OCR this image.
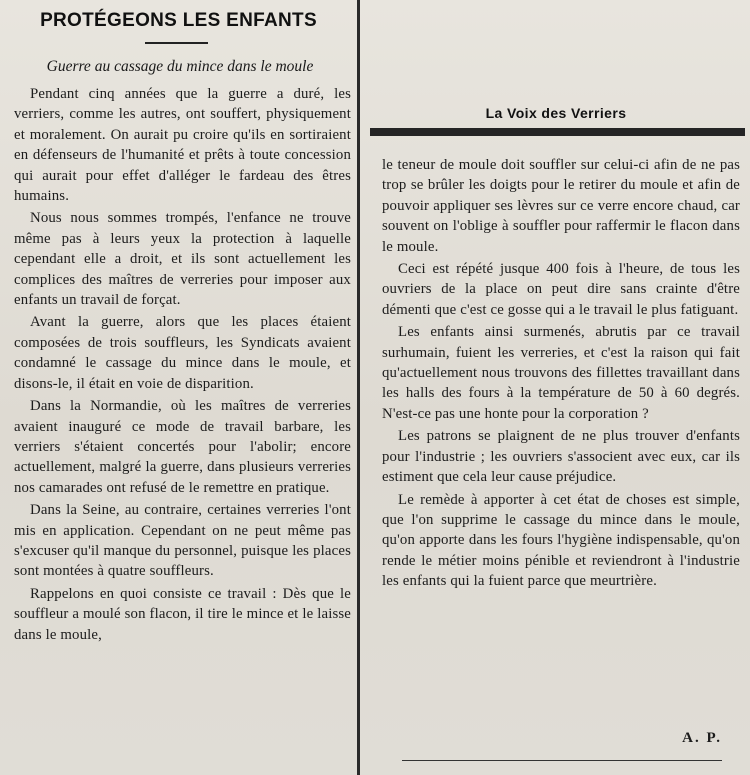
PROTÉGEONS LES ENFANTS
Guerre au cassage du mince dans le moule

Pendant cinq années que la guerre a duré, les verriers, comme les autres, ont souffert, physiquement et moralement. On aurait pu croire qu'ils en sortiraient en défenseurs de l'humanité et prêts à toute concession qui aurait pour effet d'alléger le fardeau des êtres humains.

Nous nous sommes trompés, l'enfance ne trouve même pas à leurs yeux la protection à laquelle cependant elle a droit, et ils sont actuellement les complices des maîtres de verreries pour imposer aux enfants un travail de forçat.

Avant la guerre, alors que les places étaient composées de trois souffleurs, les Syndicats avaient condamné le cassage du mince dans le moule, et disons-le, il était en voie de disparition.

Dans la Normandie, où les maîtres de verreries avaient inauguré ce mode de travail barbare, les verriers s'étaient concertés pour l'abolir; encore actuellement, malgré la guerre, dans plusieurs verreries nos camarades ont refusé de le remettre en pratique.

Dans la Seine, au contraire, certaines verreries l'ont mis en application. Cependant on ne peut même pas s'excuser qu'il manque du personnel, puisque les places sont montées à quatre souffleurs.

Rappelons en quoi consiste ce travail : Dès que le souffleur a moulé son flacon, il tire le mince et le laisse dans le moule,

La Voix des Verriers

le teneur de moule doit souffler sur celui-ci afin de ne pas trop se brûler les doigts pour le retirer du moule et afin de pouvoir appliquer ses lèvres sur ce verre encore chaud, car souvent on l'oblige à souffler pour raffermir le flacon dans le moule.

Ceci est répété jusque 400 fois à l'heure, de tous les ouvriers de la place on peut dire sans crainte d'être démenti que c'est ce gosse qui a le travail le plus fatiguant.

Les enfants ainsi surmenés, abrutis par ce travail surhumain, fuient les verreries, et c'est la raison qui fait qu'actuellement nous trouvons des fillettes travaillant dans les halls des fours à la température de 50 à 60 degrés. N'est-ce pas une honte pour la corporation ?

Les patrons se plaignent de ne plus trouver d'enfants pour l'industrie ; les ouvriers s'associent avec eux, car ils estiment que cela leur cause préjudice.

Le remède à apporter à cet état de choses est simple, que l'on supprime le cassage du mince dans le moule, qu'on apporte dans les fours l'hygiène indispensable, qu'on rende le métier moins pénible et reviendront à l'industrie les enfants qui la fuient parce que meurtrière.

A. P.
